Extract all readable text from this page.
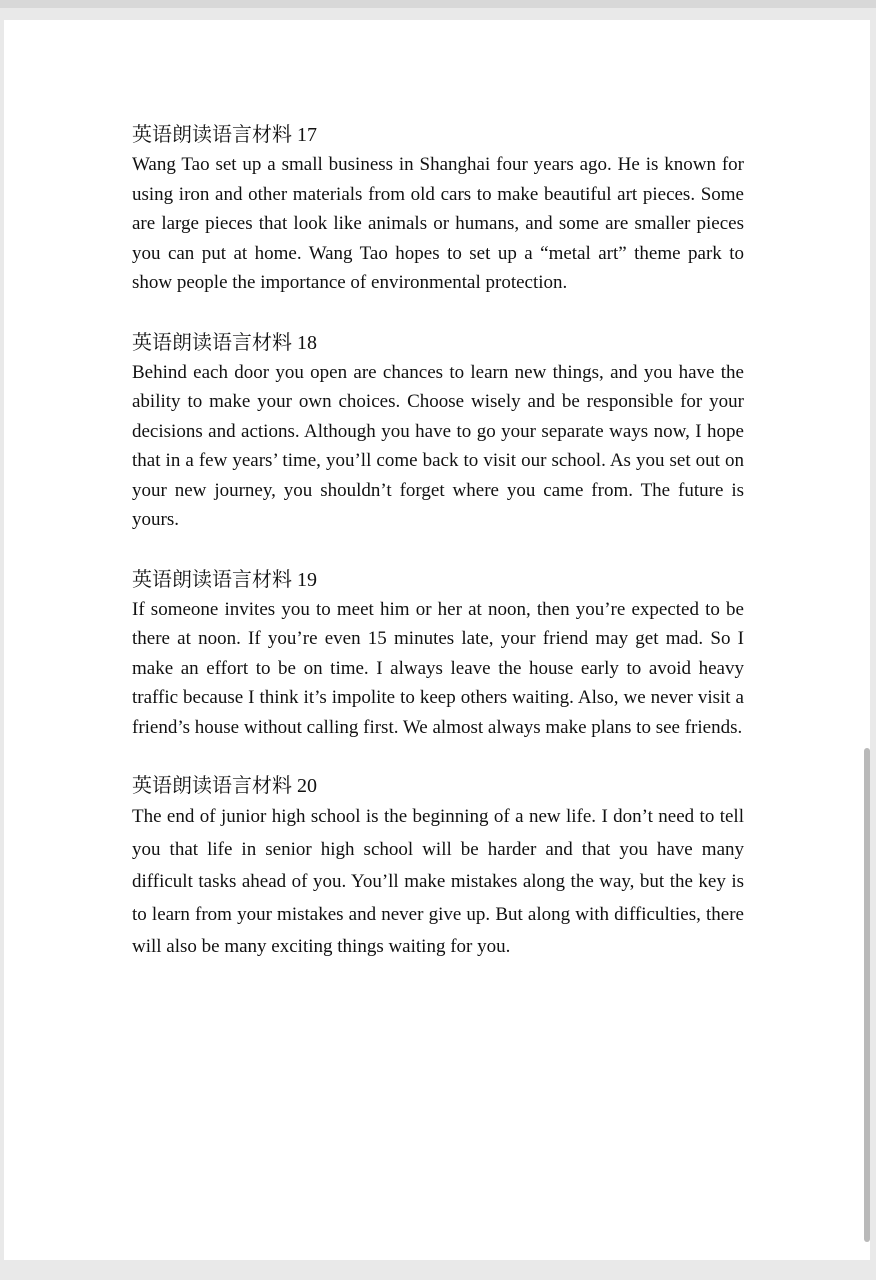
英语朗读语言材料 17

Wang Tao set up a small business in Shanghai four years ago. He is known for using iron and other materials from old cars to make beautiful art pieces. Some are large pieces that look like animals or humans, and some are smaller pieces you can put at home. Wang Tao hopes to set up a “metal art” theme park to show people the importance of environmental protection.

英语朗读语言材料 18

Behind each door you open are chances to learn new things, and you have the ability to make your own choices. Choose wisely and be responsible for your decisions and actions. Although you have to go your separate ways now, I hope that in a few years’ time, you’ll come back to visit our school. As you set out on your new journey, you shouldn’t forget where you came from. The future is yours.

英语朗读语言材料 19

If someone invites you to meet him or her at noon, then you’re expected to be there at noon. If you’re even 15 minutes late, your friend may get mad. So I make an effort to be on time. I always leave the house early to avoid heavy traffic because I think it’s impolite to keep others waiting. Also, we never visit a friend’s house without calling first. We almost always make plans to see friends.

英语朗读语言材料 20

The end of junior high school is the beginning of a new life. I don’t need to tell you that life in senior high school will be harder and that you have many difficult tasks ahead of you. You’ll make mistakes along the way, but the key is to learn from your mistakes and never give up. But along with difficulties, there will also be many exciting things waiting for you.
